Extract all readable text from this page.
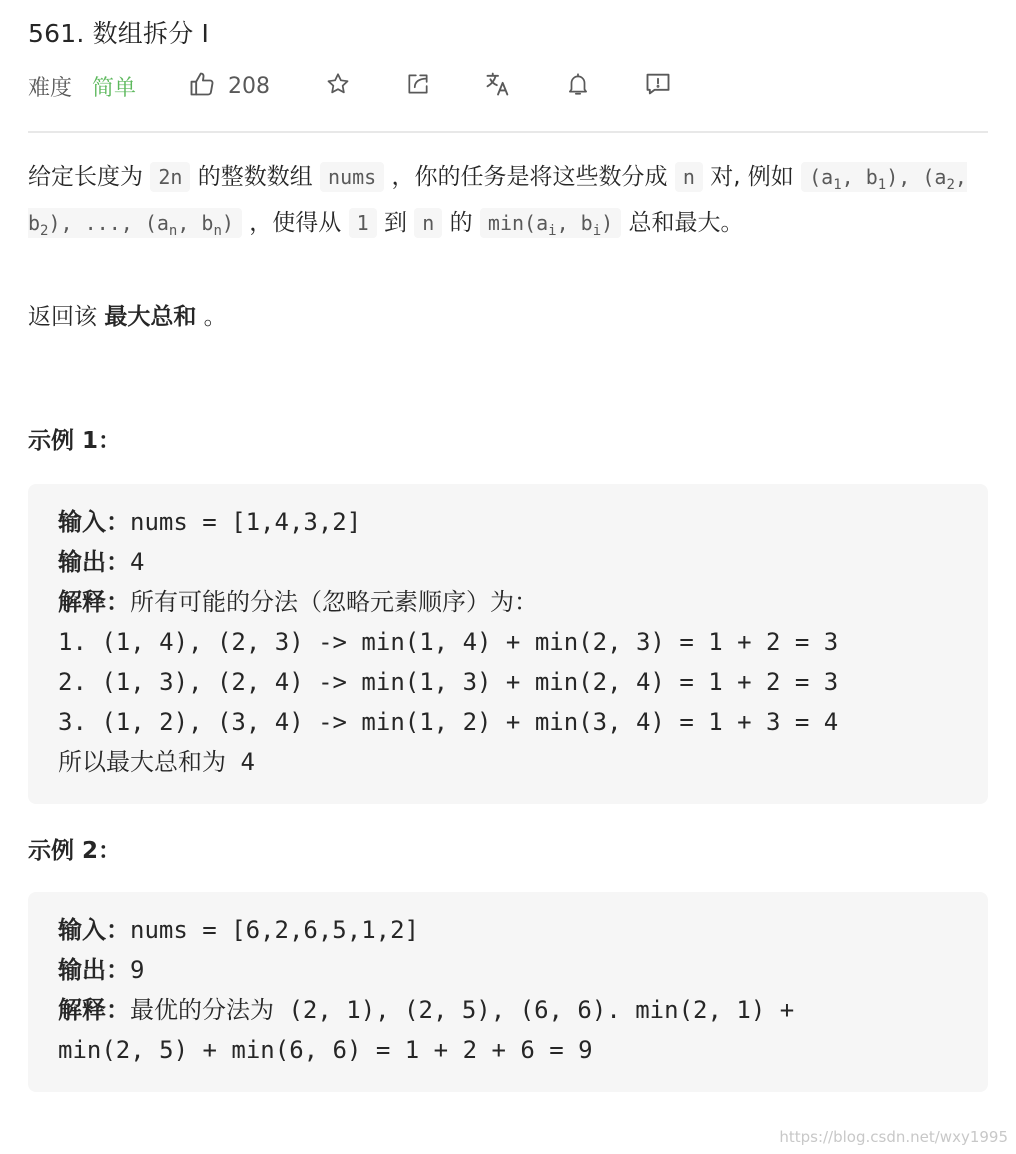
561. 数组拆分 I
难度 简单	208

给定长度为 2n 的整数数组 nums ，你的任务是将这些数分成 n 对, 例如 ($a_1$, $b_1$), ($a_2$, $b_2$), ..., ($a_n$, $b_n$) ，使得从 1 到 n 的 $\min(a_i$, $b_i$) 总和最大。

返回该 最大总和 。
示例 1：
输入：nums = [1,4,3,2]
输出：4
解释：所有可能的分法（忽略元素顺序）为：
1. (1, 4), (2, 3) -> min(1, 4) + min(2, 3) = 1 + 2 = 3
2. (1, 3), (2, 4) -> min(1, 3) + min(2, 4) = 1 + 2 = 3
3. (1, 2), (3, 4) -> min(1, 2) + min(3, 4) = 1 + 3 = 4
所以最大总和为 4
示例 2：
输入：nums = [6,2,6,5,1,2]
输出：9
解释：最优的分法为 (2, 1), (2, 5), (6, 6). min(2, 1) +
min(2, 5) + min(6, 6) = 1 + 2 + 6 = 9
https://blog.csdn.net/wxy1995
